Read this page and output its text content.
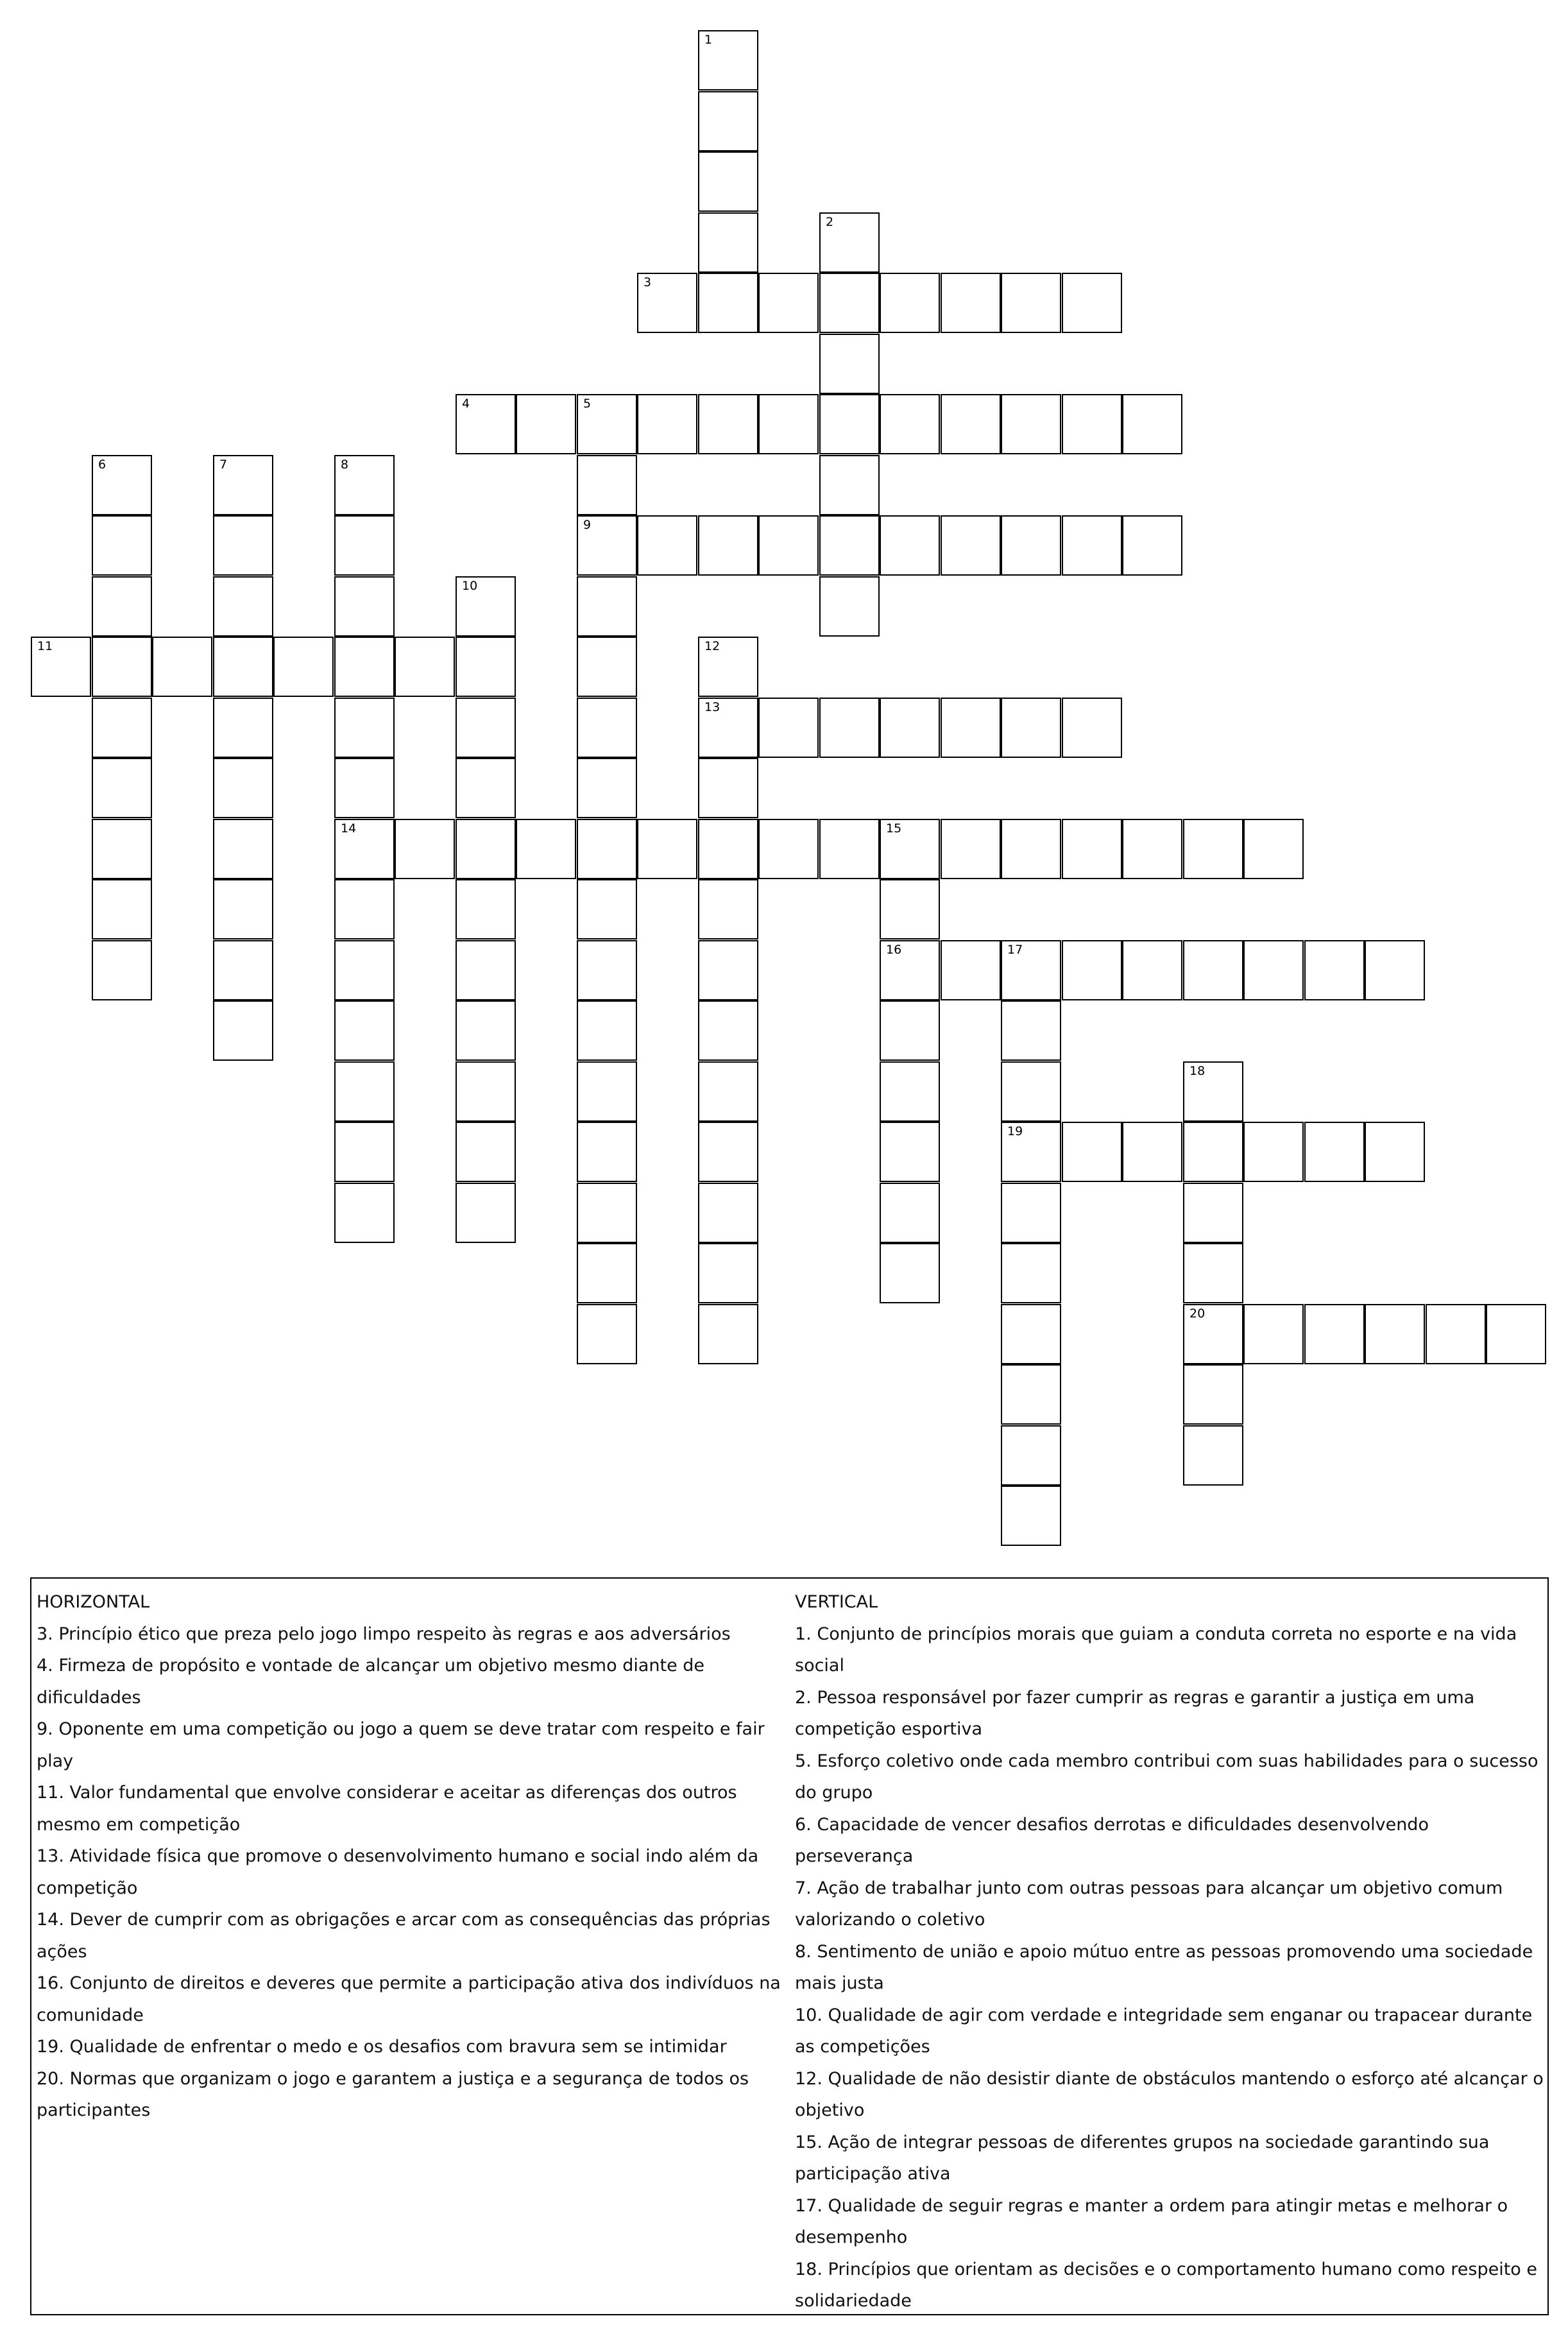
1
2
3
4	5
9
6	7	8
14
10
11	12
13
15
16	17
19
18
20
HORIZONTAL
3. Princípio ético que preza pelo jogo limpo respeito às regras e aos adversários
4. Firmeza de propósito e vontade de alcançar um objetivo mesmo diante de dificuldades
9. Oponente em uma competição ou jogo a quem se deve tratar com respeito e fair play
11. Valor fundamental que envolve considerar e aceitar as diferenças dos outros mesmo em competição
13. Atividade física que promove o desenvolvimento humano e social indo além da competição
14. Dever de cumprir com as obrigações e arcar com as consequências das próprias ações
16. Conjunto de direitos e deveres que permite a participação ativa dos indivíduos na comunidade
19. Qualidade de enfrentar o medo e os desafios com bravura sem se intimidar
20. Normas que organizam o jogo e garantem a justiça e a segurança de todos os participantes
VERTICAL
1. Conjunto de princípios morais que guiam a conduta correta no esporte e na vida social
2. Pessoa responsável por fazer cumprir as regras e garantir a justiça em uma competição esportiva
5. Esforço coletivo onde cada membro contribui com suas habilidades para o sucesso do grupo
6. Capacidade de vencer desafios derrotas e dificuldades desenvolvendo perseverança
7. Ação de trabalhar junto com outras pessoas para alcançar um objetivo comum valorizando o coletivo
8. Sentimento de união e apoio mútuo entre as pessoas promovendo uma sociedade mais justa
10. Qualidade de agir com verdade e integridade sem enganar ou trapacear durante as competições
12. Qualidade de não desistir diante de obstáculos mantendo o esforço até alcançar o objetivo
15. Ação de integrar pessoas de diferentes grupos na sociedade garantindo sua participação ativa
17. Qualidade de seguir regras e manter a ordem para atingir metas e melhorar o desempenho
18. Princípios que orientam as decisões e o comportamento humano como respeito e solidariedade
